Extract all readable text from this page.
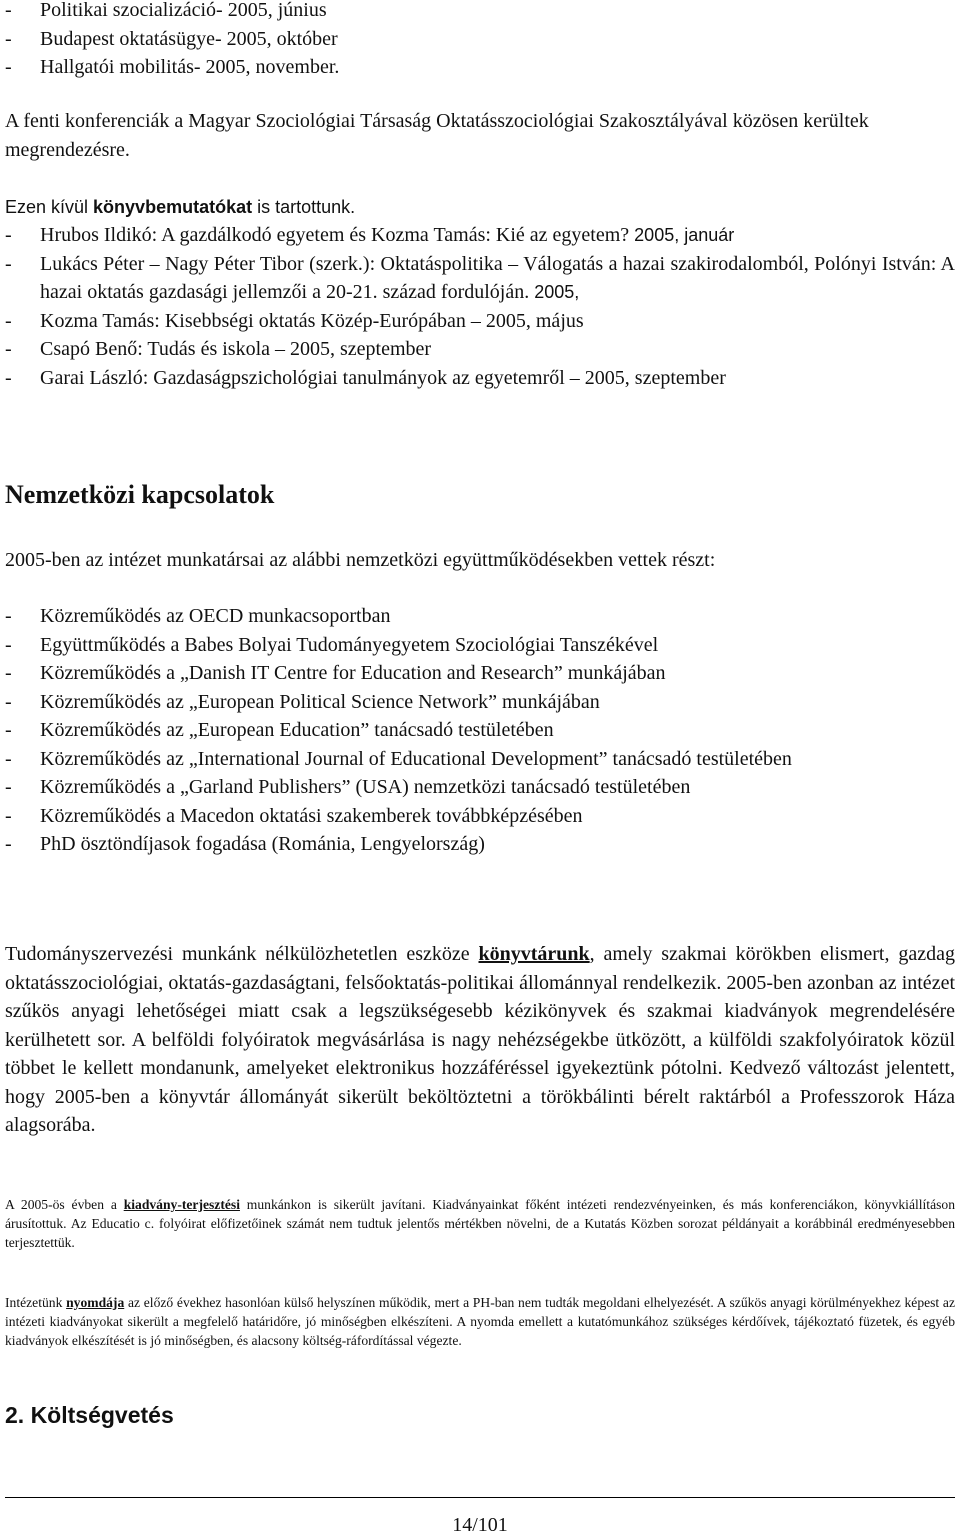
-	Politikai szocializáció- 2005, június
-	Budapest oktatásügye- 2005, október
-	Hallgatói mobilitás- 2005, november.
A fenti konferenciák a Magyar Szociológiai Társaság Oktatásszociológiai Szakosztályával közösen kerültek megrendezésre.
Ezen kívül könyvbemutatókat is tartottunk.
-	Hrubos Ildikó: A gazdálkodó egyetem és Kozma Tamás: Kié az egyetem? 2005, január
-	Lukács Péter – Nagy Péter Tibor (szerk.): Oktatáspolitika – Válogatás a hazai szakirodalomból, Polónyi István: A hazai oktatás gazdasági jellemzői a 20-21. század fordulóján. 2005,
-	Kozma Tamás: Kisebbségi oktatás Közép-Európában – 2005, május
-	Csapó Benő: Tudás és iskola – 2005, szeptember
-	Garai László: Gazdaságpszichológiai tanulmányok az egyetemről – 2005, szeptember
Nemzetközi kapcsolatok
2005-ben az intézet munkatársai az alábbi nemzetközi együttműködésekben vettek részt:
-	Közreműködés az OECD munkacsoportban
-	Együttműködés a Babes Bolyai Tudományegyetem Szociológiai Tanszékével
-	Közreműködés a „Danish IT Centre for Education and Research” munkájában
-	Közreműködés az „European Political Science Network” munkájában
-	Közreműködés az „European Education” tanácsadó testületében
-	Közreműködés az „International Journal of Educational Development” tanácsadó testületében
-	Közreműködés a „Garland Publishers” (USA) nemzetközi tanácsadó testületében
-	Közreműködés a Macedon oktatási szakemberek továbbképzésében
-	PhD ösztöndíjasok fogadása (Románia, Lengyelország)
Tudományszervezési munkánk nélkülözhetetlen eszköze könyvtárunk, amely szakmai körökben elismert, gazdag oktatásszociológiai, oktatás-gazdaságtani, felsőoktatás-politikai állománnyal rendelkezik. 2005-ben azonban az intézet szűkös anyagi lehetőségei miatt csak a legszükségesebb kézikönyvek és szakmai kiadványok megrendelésére kerülhetett sor. A belföldi folyóiratok megvásárlása is nagy nehézségekbe ütközött, a külföldi szakfolyóiratok közül többet le kellett mondanunk, amelyeket elektronikus hozzáféréssel igyekeztünk pótolni. Kedvező változást jelentett, hogy 2005-ben a könyvtár állományát sikerült beköltöztetni a törökbálinti bérelt raktárból a Professzorok Háza alagsorába.
A 2005-ös évben a kiadvány-terjesztési munkánkon is sikerült javítani. Kiadványainkat főként intézeti rendezvényeinken, és más konferenciákon, könyvkiállításon árusítottuk. Az Educatio c. folyóirat előfizetőinek számát nem tudtuk jelentős mértékben növelni, de a Kutatás Közben sorozat példányait a korábbinál eredményesebben terjesztettük.
Intézetünk nyomdája az előző évekhez hasonlóan külső helyszínen működik, mert a PH-ban nem tudták megoldani elhelyezését. A szűkös anyagi körülményekhez képest az intézeti kiadványokat sikerült a megfelelő határidőre, jó minőségben elkészíteni. A nyomda emellett a kutatómunkához szükséges kérdőívek, tájékoztató füzetek, és egyéb kiadványok elkészítését is jó minőségben, és alacsony költség-ráfordítással végezte.
2. Költségvetés
14/101
